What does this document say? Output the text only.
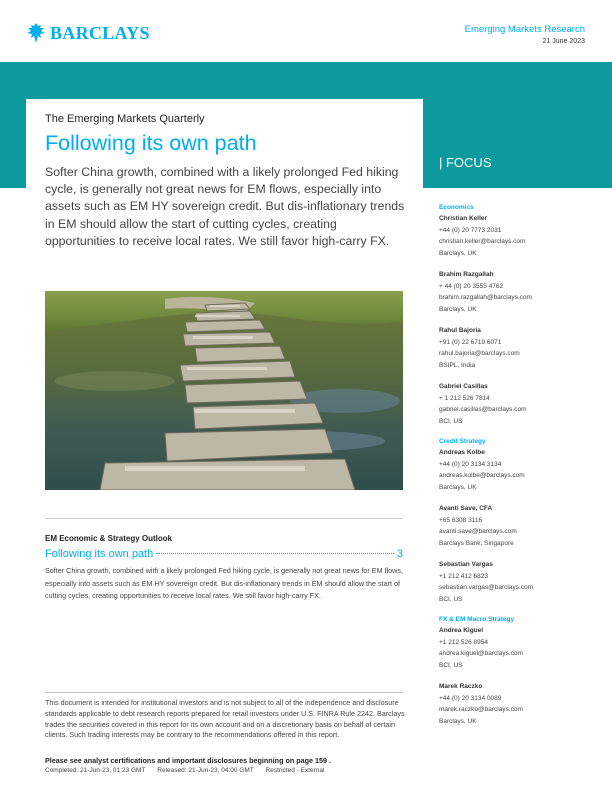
BARCLAYS	Emerging Markets Research
21 June 2023
The Emerging Markets Quarterly
Following its own path
Softer China growth, combined with a likely prolonged Fed hiking cycle, is generally not great news for EM flows, especially into assets such as EM HY sovereign credit. But dis-inflationary trends in EM should allow the start of cutting cycles, creating opportunities to receive local rates. We still favor high-carry FX.
| FOCUS
Economics
Christian Keller
+44 (0) 20 7773 2031
christian.keller@barclays.com
Barclays, UK
Brahim Razgallah
+ 44 (0) 20 3555 4762
brahim.razgallah@barclays.com
Barclays, UK
Rahul Bajoria
+91 (0) 22 6719 6071
rahul.bajoria@barclays.com
BSIPL, India
Gabriel Casillas
+ 1 212 526 7814
gabriel.casillas@barclays.com
BCI, US
Credit Strategy
Andreas Kolbe
+44 (0) 20 3134 3134
andreas.kolbe@barclays.com
Barclays, UK
Avanti Save, CFA
+65 6308 3116
avanti.save@barclays.com
Barclays Bank, Singapore
Sebastian Vargas
+1 212 412 6823
sebastian.vargas@barclays.com
BCI, US
FX & EM Macro Strategy
Andrea Kiguel
+1 212 526 8954
andrea.kiguel@barclays.com
BCI, US
Marek Raczko
+44 (0) 20 3134 0089
marek.raczko@barclays.com
Barclays, UK
EM Economic & Strategy Outlook
Following its own path	3
Softer China growth, combined with a likely prolonged Fed hiking cycle, is generally not great news for EM flows, especially into assets such as EM HY sovereign credit. But dis-inflationary trends in EM should allow the start of cutting cycles, creating opportunities to receive local rates. We still favor high-carry FX.
This document is intended for institutional investors and is not subject to all of the independence and disclosure standards applicable to debt research reports prepared for retail investors under U.S. FINRA Rule 2242. Barclays trades the securities covered in this report for its own account and on a discretionary basis on behalf of certain clients. Such trading interests may be contrary to the recommendations offered in this report.
Please see analyst certifications and important disclosures beginning on page 159 .
Completed: 21-Jun-23, 01:23 GMT Released: 21-Jun-23, 04:00 GMT Restricted - External
